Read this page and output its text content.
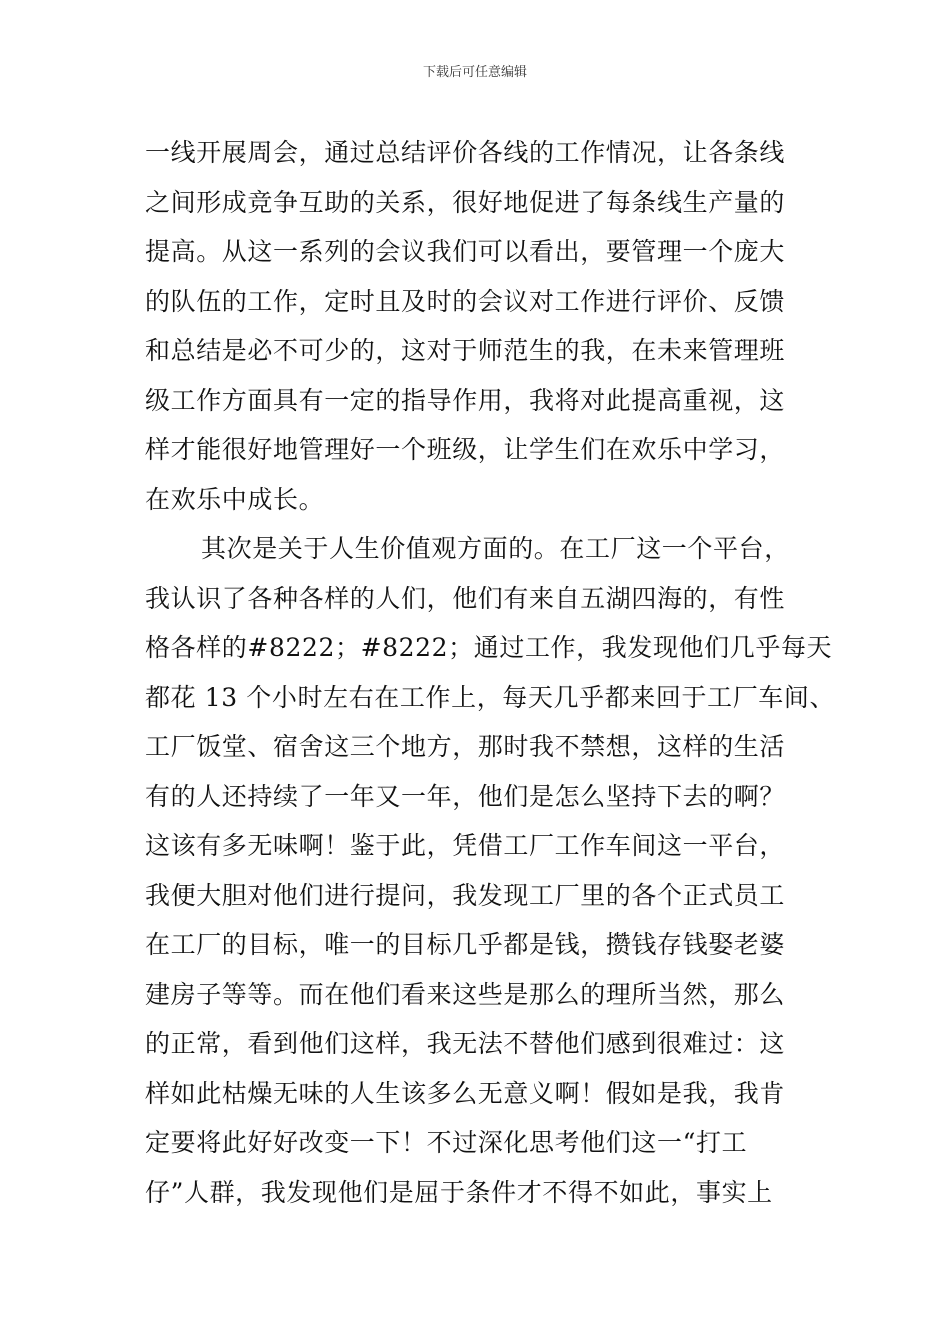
下载后可任意编辑
一线开展周会，通过总结评价各线的工作情况，让各条线
之间形成竞争互助的关系，很好地促进了每条线生产量的
提高。从这一系列的会议我们可以看出，要管理一个庞大
的队伍的工作，定时且及时的会议对工作进行评价、反馈
和总结是必不可少的，这对于师范生的我，在未来管理班
级工作方面具有一定的指导作用，我将对此提高重视，这
样才能很好地管理好一个班级，让学生们在欢乐中学习，
在欢乐中成长。
其次是关于人生价值观方面的。在工厂这一个平台，
我认识了各种各样的人们，他们有来自五湖四海的，有性
格各样的#8222；#8222；通过工作，我发现他们几乎每天
都花 13 个小时左右在工作上，每天几乎都来回于工厂车间、
工厂饭堂、宿舍这三个地方，那时我不禁想，这样的生活
有的人还持续了一年又一年，他们是怎么坚持下去的啊？
这该有多无味啊！鉴于此，凭借工厂工作车间这一平台，
我便大胆对他们进行提问，我发现工厂里的各个正式员工
在工厂的目标，唯一的目标几乎都是钱，攒钱存钱娶老婆
建房子等等。而在他们看来这些是那么的理所当然，那么
的正常，看到他们这样，我无法不替他们感到很难过：这
样如此枯燥无味的人生该多么无意义啊！假如是我，我肯
定要将此好好改变一下！不过深化思考他们这一“打工
仔”人群，我发现他们是屈于条件才不得不如此，事实上
